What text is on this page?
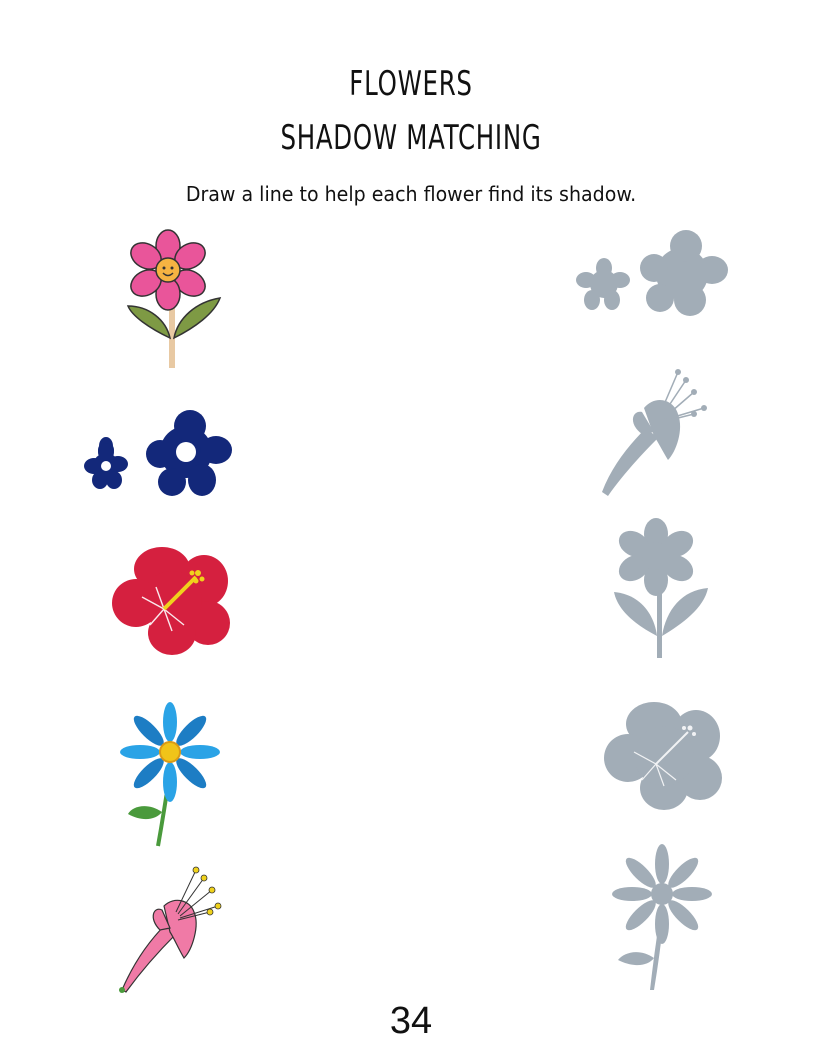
FLOWERS
SHADOW MATCHING
Draw a line to help each flower find its shadow.
34
